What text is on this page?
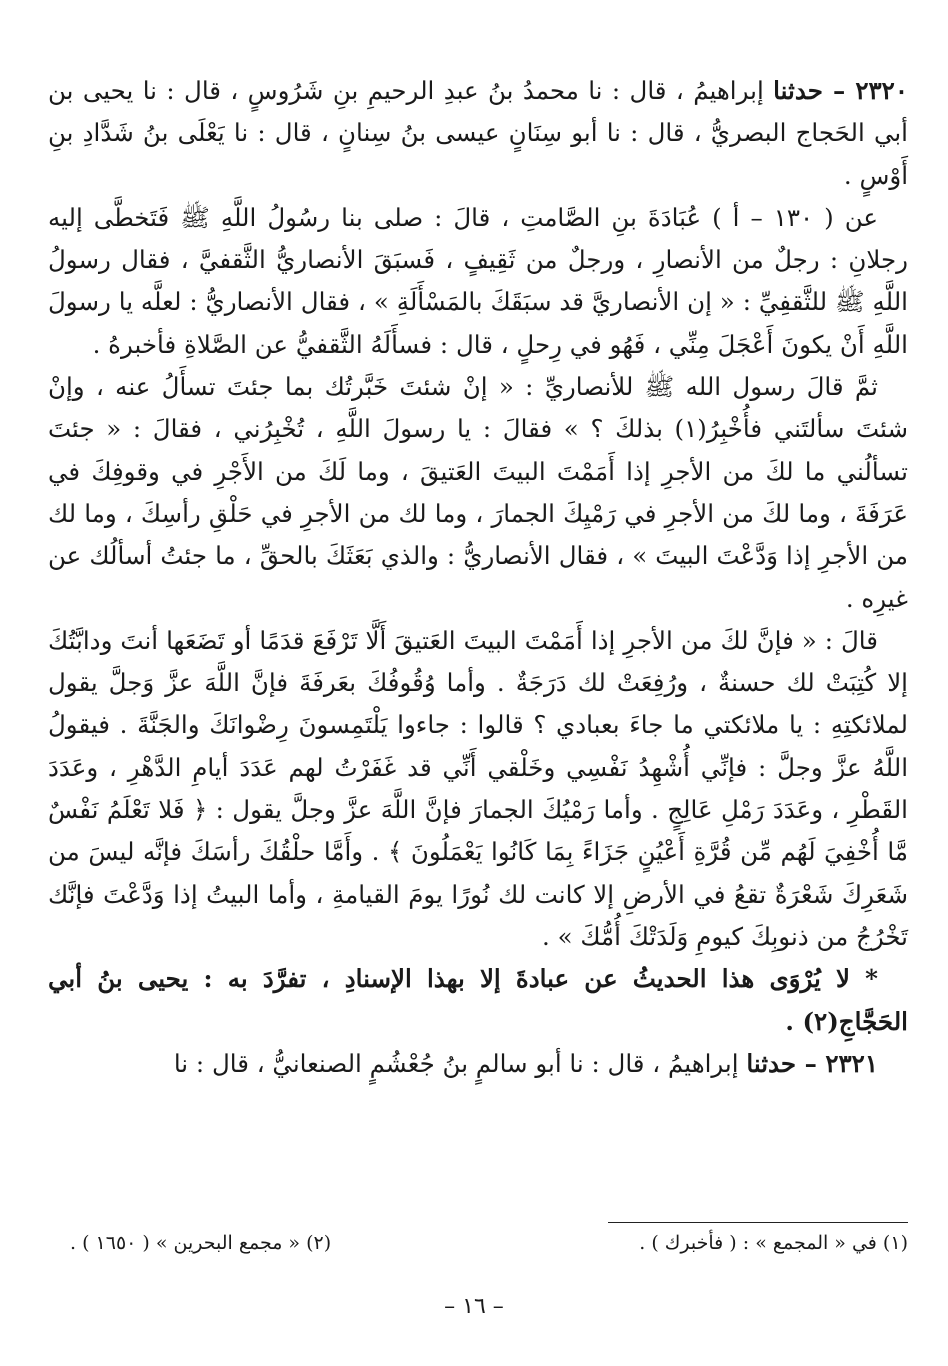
٢٣٢٠ – حدثنا إبراهيمُ ، قال : نا محمدُ بنُ عبدِ الرحيمِ بنِ شَرُوسٍ ، قال : نا يحيى بن أبي الحَجاج البصريُّ ، قال : نا أبو سِنَانٍ عيسى بنُ سِنانٍ ، قال : نا يَعْلَى بنُ شَدَّادِ بنِ أَوْسٍ .

عن ( ١٣٠ – أ ) عُبَادَةَ بنِ الصَّامتِ ، قالَ : صلى بنا رسُولُ اللَّهِ ﷺ فَتَخطَّى إليه رجلانِ : رجلٌ من الأنصارِ ، ورجلٌ من ثَقِيفٍ ، فَسبَقَ الأنصاريُّ الثَّقفيَّ ، فقال رسولُ اللَّهِ ﷺ للثَّقفِيِّ : « إن الأنصاريَّ قد سبَقَكَ بالمَسْأَلَةِ » ، فقال الأنصاريُّ : لعلَّه يا رسولَ اللَّهِ أَنْ يكونَ أَعْجَلَ مِنِّي ، فَهُو في رِحلٍ ، قال : فسأَلَهُ الثَّقفيُّ عن الصَّلاةِ فأخبرهُ .

ثمَّ قالَ رسول الله ﷺ للأنصاريِّ : « إنْ شئتَ خَبَّرتُك بما جئتَ تسأَلُ عنه ، وإنْ شئتَ سألتَني فأُخْبِرُ(١) بذلكَ ؟ » فقالَ : يا رسولَ اللَّهِ ، تُخْبِرُني ، فقالَ : « جئتَ تسألُني ما لكَ من الأجرِ إذا أَمَمْتَ البيتَ العَتيقَ ، وما لَكَ من الأَجْرِ في وقوفِكَ في عَرَفَةَ ، وما لكَ من الأجرِ في رَمْيِكَ الجمارَ ، وما لك من الأجرِ في حَلْقِ رأسِكَ ، وما لك من الأجرِ إذا وَدَّعْتَ البيتَ » ، فقال الأنصاريُّ : والذي بَعَثَكَ بالحقِّ ، ما جئتُ أسألُك عن غيرِه .

قالَ : « فإنَّ لكَ من الأجرِ إذا أَمَمْتَ البيتَ العَتيقَ أَلَّا تَرْفَعَ قدَمًا أو تَضَعَها أنتَ ودابَّتُكَ إلا كُتِبَتْ لك حسنةٌ ، ورُفِعَتْ لك دَرَجَةٌ . وأما وُقُوفُكَ بعَرفَةَ فإنَّ اللَّهَ عزَّ وَجلَّ يقول لملائكتِهِ : يا ملائكتي ما جاءَ بعبادي ؟ قالوا : جاءوا يَلْتَمِسونَ رِضْوانَكَ والجَنَّةَ . فيقولُ اللَّهُ عزَّ وجلَّ : فإنِّي أُشْهِدُ نَفْسِي وخَلْقي أَنِّي قد غَفَرْتُ لهم عَدَدَ أيامِ الدَّهْرِ ، وعَدَدَ القَطْرِ ، وعَدَدَ رَمْلِ عَالِجٍ . وأما رَمْيُكَ الجمارَ فإنَّ اللَّهَ عزَّ وجلَّ يقول : ﴿ فَلا تَعْلَمُ نَفْسٌ مَّا أُخْفِيَ لَهُم مِّن قُرَّةِ أَعْيُنٍ جَزَاءً بِمَا كَانُوا يَعْمَلُونَ ﴾ . وأَمَّا حلْقُكَ رأسَكَ فإنَّه ليسَ من شَعَرِكَ شَعْرَةٌ تقعُ في الأرضِ إلا كانت لك نُورًا يومَ القيامةِ ، وأما البيتُ إذا وَدَّعْتَ فإنَّك تَخْرُجُ من ذنوبِكَ كيومِ وَلَدَتْكَ أُمُّكَ » .

* لا يُرْوَى هذا الحديثُ عن عبادةَ إلا بهذا الإسنادِ ، تفرَّدَ به : يحيى بنُ أبي الحَجَّاجِ(٢) .

٢٣٢١ – حدثنا إبراهيمُ ، قال : نا أبو سالمٍ بنُ جُعْشُمٍ الصنعانيُّ ، قال : نا

(١) في « المجمع » : ( فأخبرك ) .
(٢) « مجمع البحرين » ( ١٦٥٠ ) .
– ١٦ –
